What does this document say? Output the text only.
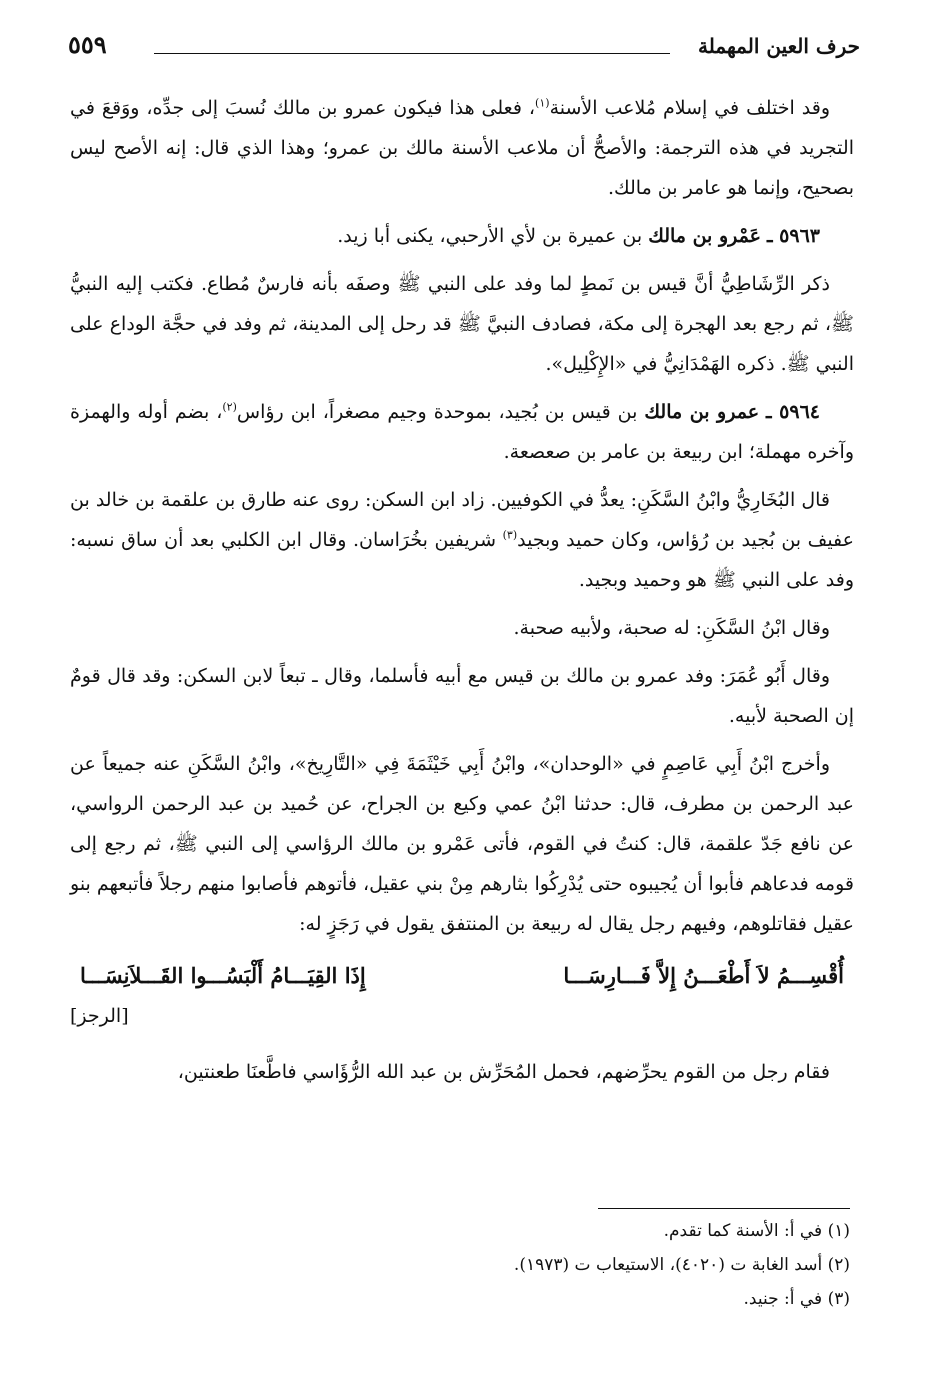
٥٥٩	حرف العين المهملة

وقد اختلف في إسلام مُلاعب الأسنة$^{(١)}$، فعلى هذا فيكون عمرو بن مالك نُسبَ إلى جدِّه، ووَقعَ في التجريد في هذه الترجمة: والأصحُّ أن ملاعب الأسنة مالك بن عمرو؛ وهذا الذي قال: إنه الأصح ليس بصحيح، وإنما هو عامر بن مالك.

٥٩٦٣ ـ عَمْرو بن مالك بن عميرة بن لأي الأرحبي، يكنى أبا زيد.

ذكر الرِّشَاطِيُّ أنَّ قيس بن نَمطٍ لما وفد على النبي ﷺ وصفَه بأنه فارسٌ مُطاع. فكتب إليه النبيُّ ﷺ، ثم رجع بعد الهجرة إلى مكة، فصادف النبيَّ ﷺ قد رحل إلى المدينة، ثم وفد في حجَّة الوداع على النبي ﷺ. ذكره الهَمْدَانِيُّ في «الإِكْلِيل».

٥٩٦٤ ـ عمرو بن مالك بن قيس بن بُجيد، بموحدة وجيم مصغراً، ابن رؤاس$^{(٢)}$، بضم أوله والهمزة وآخره مهملة؛ ابن ربيعة بن عامر بن صعصعة.

قال البُخَارِيُّ وابْنُ السَّكَنِ: يعدُّ في الكوفيين. زاد ابن السكن: روى عنه طارق بن علقمة بن خالد بن عفيف بن بُجيد بن رُؤاس، وكان حميد وبجيد$^{(٣)}$ شريفين بخُرَاسان. وقال ابن الكلبي بعد أن ساق نسبه: وفد على النبي ﷺ هو وحميد وبجيد.

وقال ابْنُ السَّكَنِ: له صحبة، ولأبيه صحبة.

وقال أَبُو عُمَرَ: وفد عمرو بن مالك بن قيس مع أبيه فأسلما، وقال ـ تبعاً لابن السكن: وقد قال قومٌ إن الصحبة لأبيه.

وأخرج ابْنُ أَبِي عَاصِمٍ في «الوحدان»، وابْنُ أَبِي خَيْثَمَةَ فِي «التَّارِيخ»، وابْنُ السَّكَنِ عنه جميعاً عن عبد الرحمن بن مطرف، قال: حدثنا ابْنُ عمي وكيع بن الجراح، عن حُميد بن عبد الرحمن الرواسي، عن نافع جَدّ علقمة، قال: كنتُ في القوم، فأتى عَمْرو بن مالك الرؤاسي إلى النبي ﷺ، ثم رجع إلى قومه فدعاهم فأبوا أن يُجيبوه حتى يُدْرِكُوا بثارهم مِنْ بني عقيل، فأتوهم فأصابوا منهم رجلاً فأتبعهم بنو عقيل فقاتلوهم، وفيهم رجل يقال له ربيعة بن المنتفق يقول في رَجَزٍ له:

أُقْسِـــمُ لاَ أَطْعَـــنُ إِلاَّ فَـــارِسَـــا
إِذَا القِيَـــامُ أَلْبَسُـــوا القَـــلاَنِسَـــا
[الرجز]

فقام رجل من القوم يحرِّضهم، فحمل المُحَرِّش بن عبد الله الرُّؤَاسي فاطَّعنَا طعنتين،

(١) في أ: الأسنة كما تقدم.
(٢) أسد الغابة ت (٤٠٢٠)، الاستيعاب ت (١٩٧٣).
(٣) في أ: جنيد.
